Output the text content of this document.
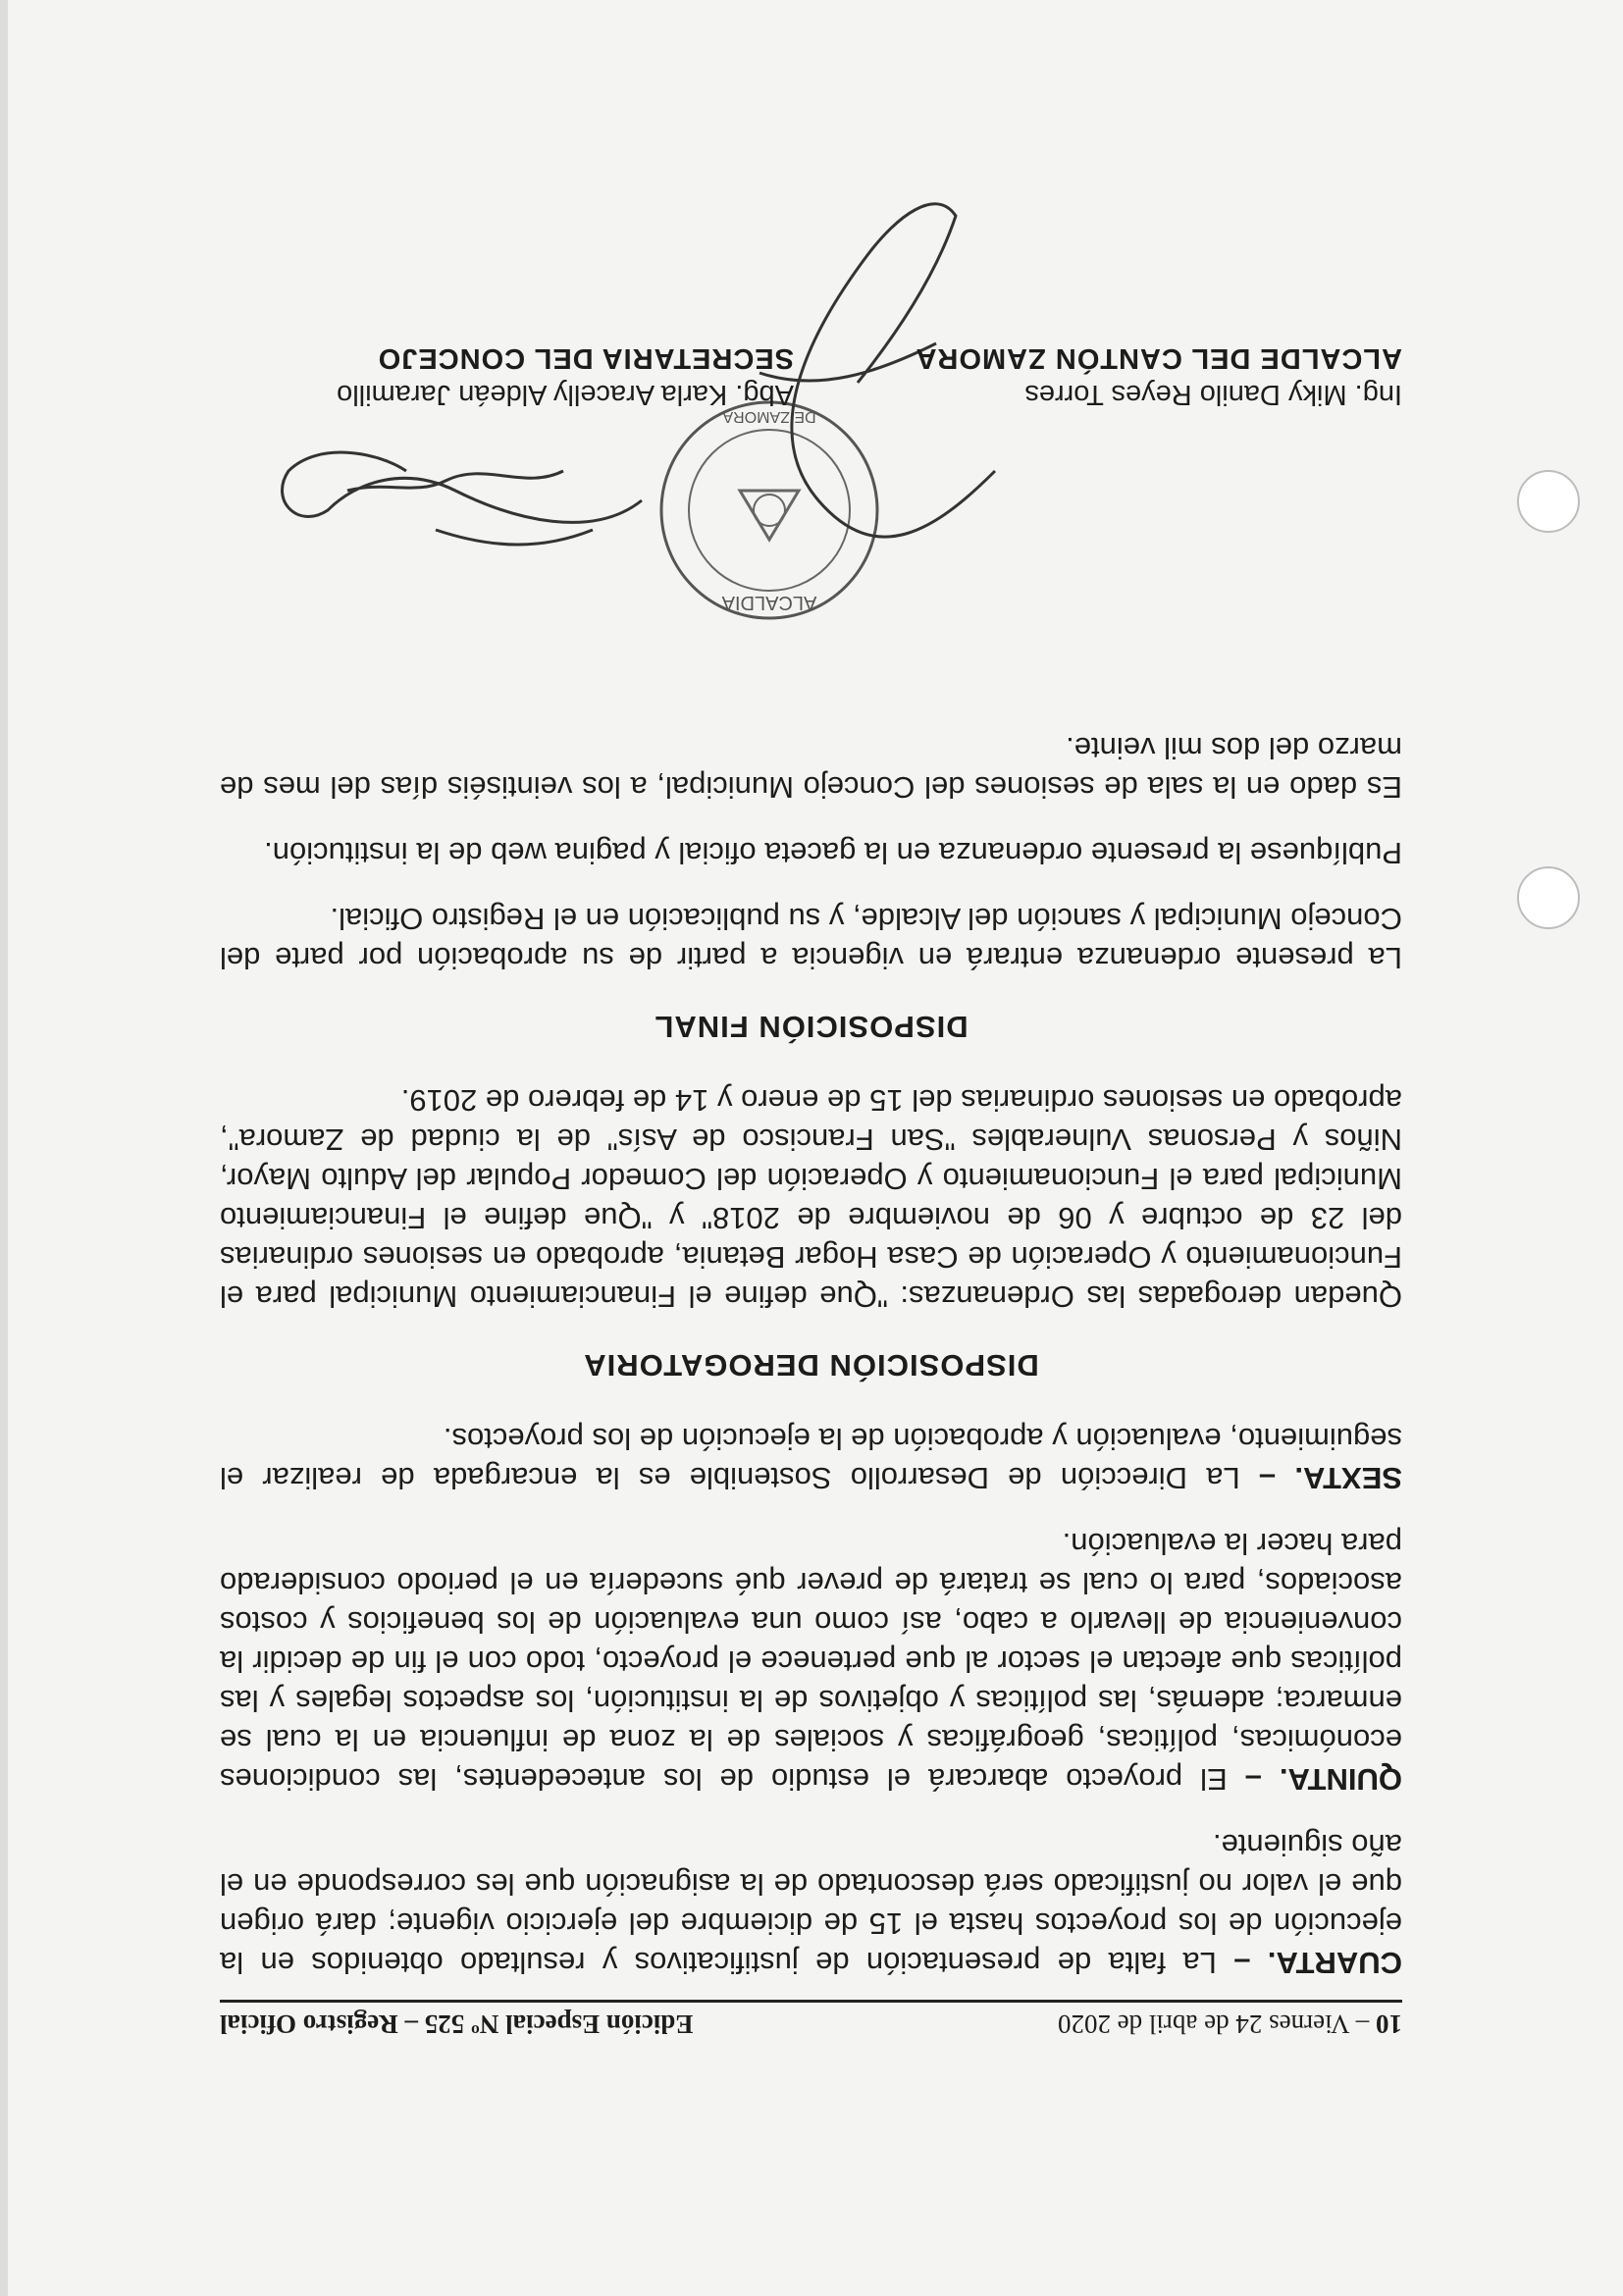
10 – Viernes 24 de abril de 2020
Edición Especial Nº 525 – Registro Oficial

CUARTA. – La falta de presentación de justificativos y resultado obtenidos en la ejecución de los proyectos hasta el 15 de diciembre del ejercicio vigente; dará origen que el valor no justificado será descontado de la asignación que les corresponde en el año siguiente.

QUINTA. – El proyecto abarcará el estudio de los antecedentes, las condiciones económicas, políticas, geográficas y sociales de la zona de influencia en la cual se enmarca; además, las políticas y objetivos de la institución, los aspectos legales y las políticas que afectan el sector al que pertenece el proyecto, todo con el fin de decidir la conveniencia de llevarlo a cabo, así como una evaluación de los beneficios y costos asociados, para lo cual se tratará de prever qué sucedería en el periodo considerado para hacer la evaluación.

SEXTA. – La Dirección de Desarrollo Sostenible es la encargada de realizar el seguimiento, evaluación y aprobación de la ejecución de los proyectos.

DISPOSICIÓN DEROGATORIA

Quedan derogadas las Ordenanzas: "Que define el Financiamiento Municipal para el Funcionamiento y Operación de Casa Hogar Betania, aprobado en sesiones ordinarias del 23 de octubre y 06 de noviembre de 2018" y "Que define el Financiamiento Municipal para el Funcionamiento y Operación del Comedor Popular del Adulto Mayor, Niños y Personas Vulnerables "San Francisco de Asís" de la ciudad de Zamora", aprobado en sesiones ordinarias del 15 de enero y 14 de febrero de 2019.

DISPOSICIÓN FINAL

La presente ordenanza entrará en vigencia a partir de su aprobación por parte del Concejo Municipal y sanción del Alcalde, y su publicación en el Registro Oficial.

Publíquese la presente ordenanza en la gaceta oficial y pagina web de la institución.

Es dado en la sala de sesiones del Concejo Municipal, a los veintiséis días del mes de marzo del dos mil veinte.

ALCALDÍA
DE ZAMORA
Ing. Miky Danilo Reyes Torres
ALCALDE DEL CANTÓN ZAMORA
Abg. Karla Aracelly Aldeán Jaramillo
SECRETARIA DEL CONCEJO
